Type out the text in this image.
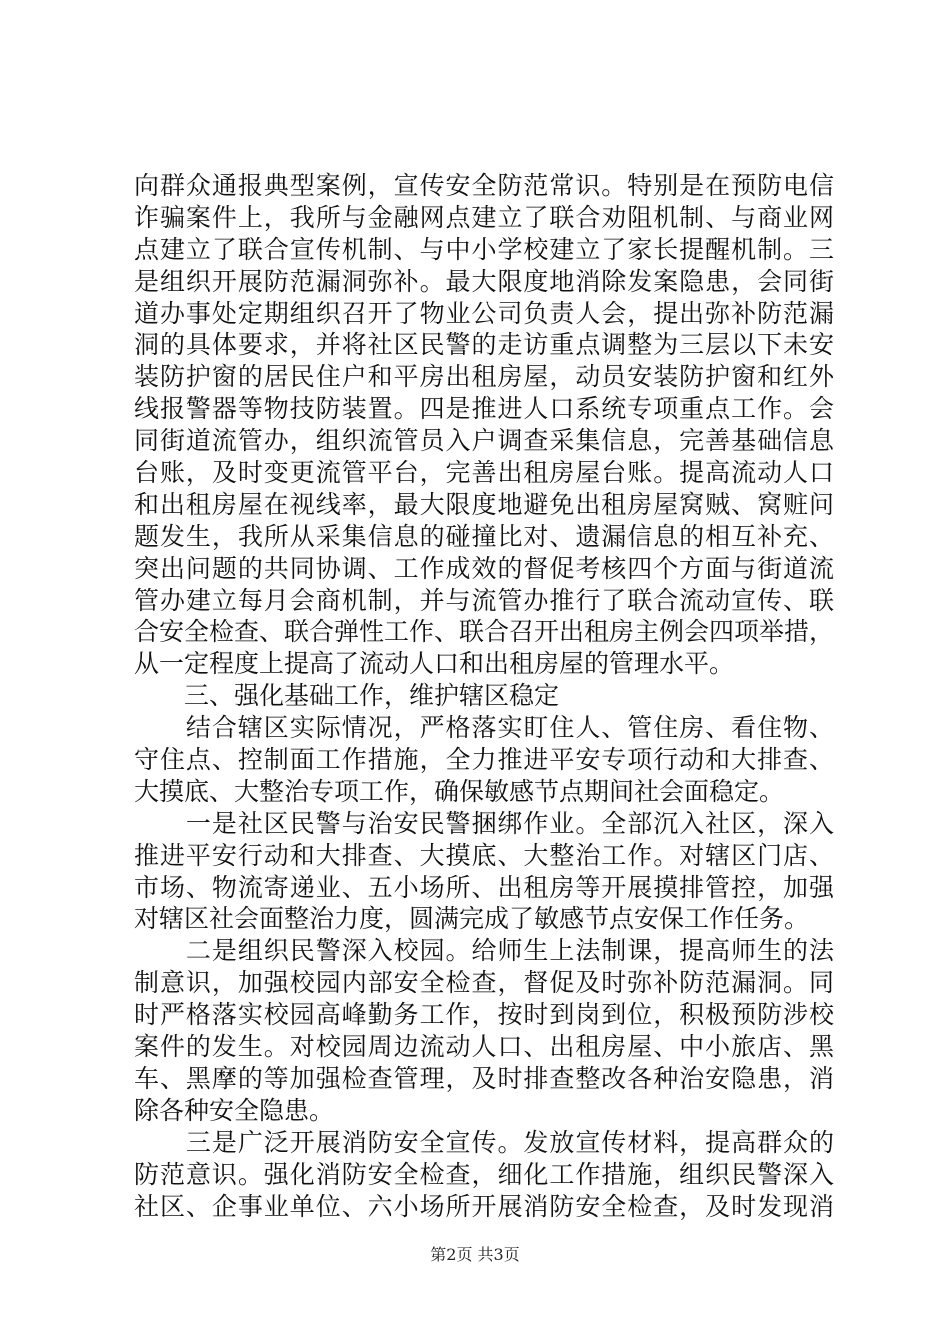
向群众通报典型案例，宣传安全防范常识。特别是在预防电信
诈骗案件上，我所与金融网点建立了联合劝阻机制、与商业网
点建立了联合宣传机制、与中小学校建立了家长提醒机制。三
是组织开展防范漏洞弥补。最大限度地消除发案隐患，会同街
道办事处定期组织召开了物业公司负责人会，提出弥补防范漏
洞的具体要求，并将社区民警的走访重点调整为三层以下未安
装防护窗的居民住户和平房出租房屋，动员安装防护窗和红外
线报警器等物技防装置。四是推进人口系统专项重点工作。会
同街道流管办，组织流管员入户调查采集信息，完善基础信息
台账，及时变更流管平台，完善出租房屋台账。提高流动人口
和出租房屋在视线率，最大限度地避免出租房屋窝贼、窝赃问
题发生，我所从采集信息的碰撞比对、遗漏信息的相互补充、
突出问题的共同协调、工作成效的督促考核四个方面与街道流
管办建立每月会商机制，并与流管办推行了联合流动宣传、联
合安全检查、联合弹性工作、联合召开出租房主例会四项举措，
从一定程度上提高了流动人口和出租房屋的管理水平。
　　三、强化基础工作，维护辖区稳定
　　结合辖区实际情况，严格落实盯住人、管住房、看住物、
守住点、控制面工作措施，全力推进平安专项行动和大排查、
大摸底、大整治专项工作，确保敏感节点期间社会面稳定。
　　一是社区民警与治安民警捆绑作业。全部沉入社区，深入
推进平安行动和大排查、大摸底、大整治工作。对辖区门店、
市场、物流寄递业、五小场所、出租房等开展摸排管控，加强
对辖区社会面整治力度，圆满完成了敏感节点安保工作任务。
　　二是组织民警深入校园。给师生上法制课，提高师生的法
制意识，加强校园内部安全检查，督促及时弥补防范漏洞。同
时严格落实校园高峰勤务工作，按时到岗到位，积极预防涉校
案件的发生。对校园周边流动人口、出租房屋、中小旅店、黑
车、黑摩的等加强检查管理，及时排查整改各种治安隐患，消
除各种安全隐患。
　　三是广泛开展消防安全宣传。发放宣传材料，提高群众的
防范意识。强化消防安全检查，细化工作措施，组织民警深入
社区、企事业单位、六小场所开展消防安全检查，及时发现消
第2页 共3页
